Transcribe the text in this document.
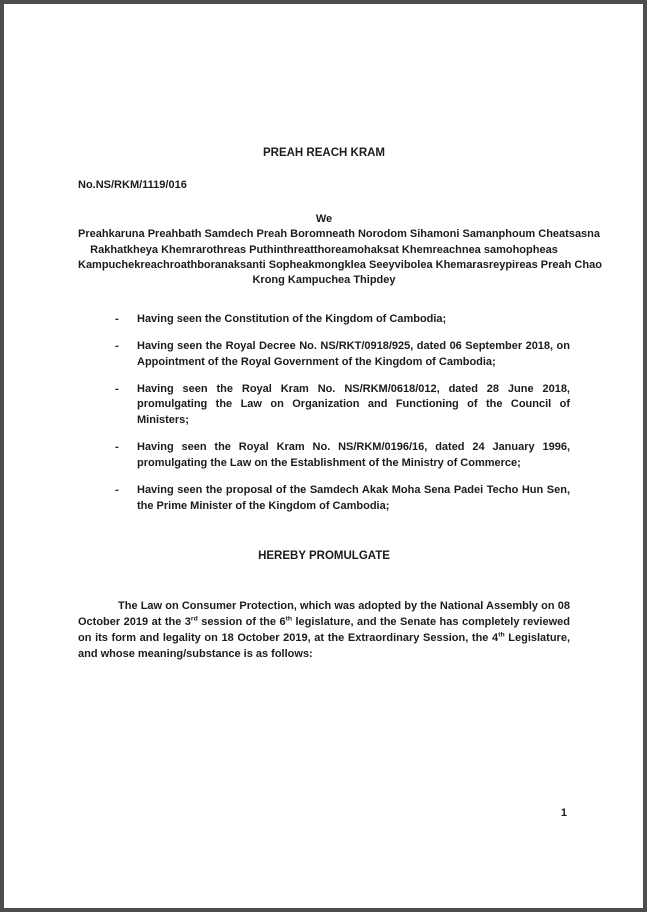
PREAH REACH KRAM
No.NS/RKM/1119/016
We
Preahkaruna Preahbath Samdech Preah Boromneath Norodom Sihamoni Samanphoum Cheatsasna
Rakhatkheya Khemrarothreas Puthinthreatthoreamohaksat Khemreachnea samohopheas
Kampuchekreachroathboranaksanti Sopheakmongklea Seeyvibolea Khemarasreypireas Preah Chao
Krong Kampuchea Thipdey
-	Having seen the Constitution of the Kingdom of Cambodia;
-	Having seen the Royal Decree No. NS/RKT/0918/925, dated 06 September 2018, on Appointment of the Royal Government of the Kingdom of Cambodia;
-	Having seen the Royal Kram No. NS/RKM/0618/012, dated 28 June 2018, promulgating the Law on Organization and Functioning of the Council of Ministers;
-	Having seen the Royal Kram No. NS/RKM/0196/16, dated 24 January 1996, promulgating the Law on the Establishment of the Ministry of Commerce;
-	Having seen the proposal of the Samdech Akak Moha Sena Padei Techo Hun Sen, the Prime Minister of the Kingdom of Cambodia;
HEREBY PROMULGATE
The Law on Consumer Protection, which was adopted by the National Assembly on 08 October 2019 at the 3rd session of the 6th legislature, and the Senate has completely reviewed on its form and legality on 18 October 2019, at the Extraordinary Session, the 4th Legislature, and whose meaning/substance is as follows:
1
